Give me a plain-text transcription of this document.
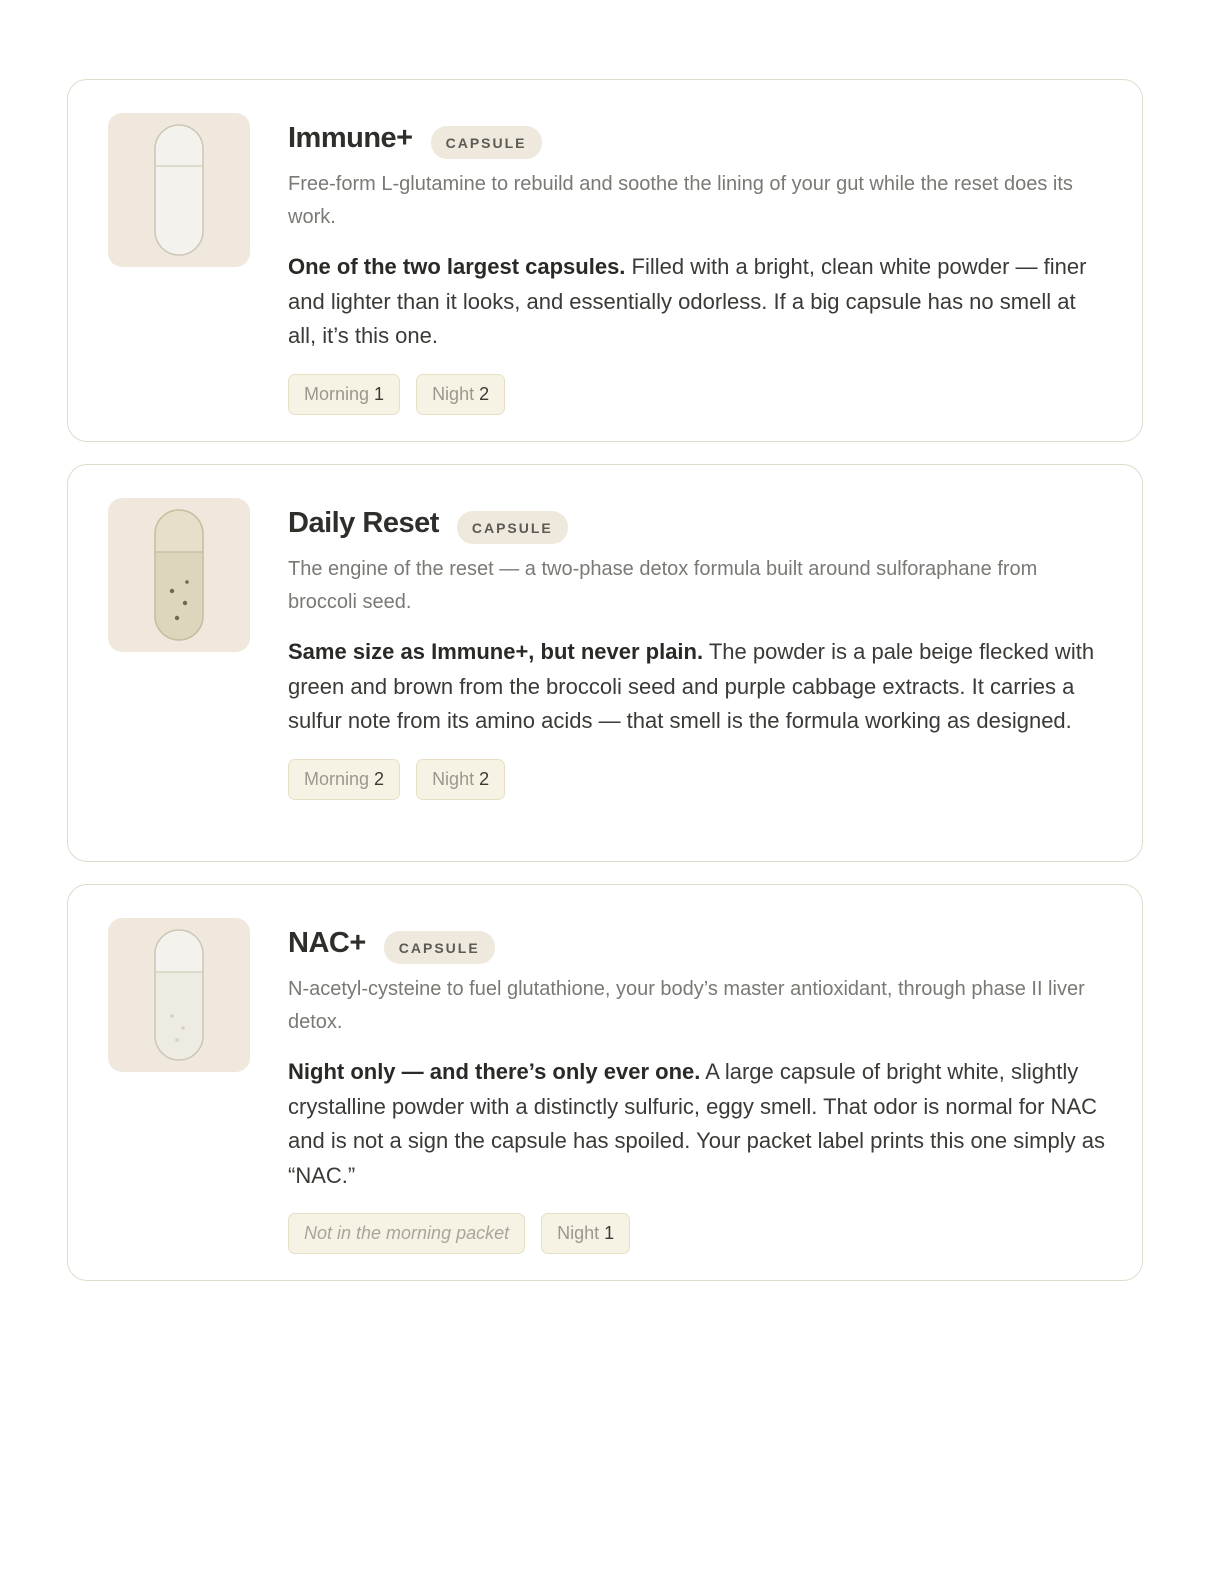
Immune+	CAPSULE
Free-form L-glutamine to rebuild and soothe the lining of your gut while the reset does its work.
One of the two largest capsules. Filled with a bright, clean white powder — finer and lighter than it looks, and essentially odorless. If a big capsule has no smell at all, it’s this one.
Morning 1	Night 2
Daily Reset	CAPSULE
The engine of the reset — a two-phase detox formula built around sulforaphane from broccoli seed.
Same size as Immune+, but never plain. The powder is a pale beige flecked with green and brown from the broccoli seed and purple cabbage extracts. It carries a sulfur note from its amino acids — that smell is the formula working as designed.
Morning 2	Night 2
NAC+	CAPSULE
N-acetyl-cysteine to fuel glutathione, your body’s master antioxidant, through phase II liver detox.
Night only — and there’s only ever one. A large capsule of bright white, slightly crystalline powder with a distinctly sulfuric, eggy smell. That odor is normal for NAC and is not a sign the capsule has spoiled. Your packet label prints this one simply as “NAC.”
Not in the morning packet	Night 1
